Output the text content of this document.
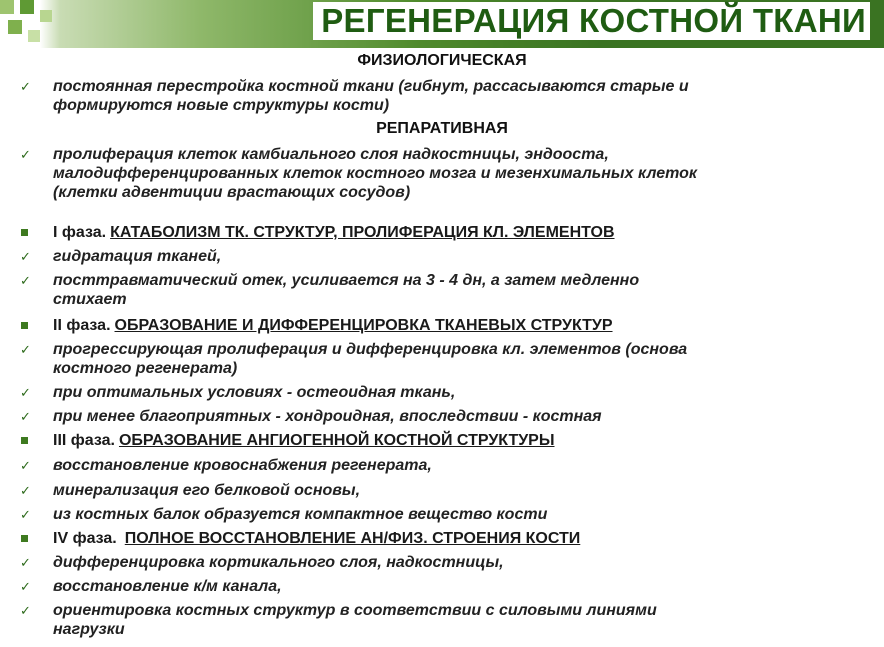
РЕГЕНЕРАЦИЯ КОСТНОЙ ТКАНИ
ФИЗИОЛОГИЧЕСКАЯ
✓	постоянная перестройка костной ткани (гибнут, рассасываются старые и
формируются новые структуры кости)
РЕПАРАТИВНАЯ
✓	пролиферация клеток камбиального слоя надкостницы, эндооста,
малодифференцированных клеток костного мозга и мезенхимальных клеток
(клетки адвентиции врастающих сосудов)
I фаза. КАТАБОЛИЗМ ТК. СТРУКТУР, ПРОЛИФЕРАЦИЯ КЛ. ЭЛЕМЕНТОВ
✓	гидратация тканей,
✓	посттравматический отек, усиливается на 3 - 4 дн, а затем медленно
стихает
II фаза. ОБРАЗОВАНИЕ И ДИФФЕРЕНЦИРОВКА ТКАНЕВЫХ СТРУКТУР
✓	прогрессирующая пролиферация и дифференцировка кл. элементов (основа
костного регенерата)
✓	при оптимальных условиях - остеоидная ткань,
✓	при менее благоприятных - хондроидная, впоследствии - костная
III фаза. ОБРАЗОВАНИЕ АНГИОГЕННОЙ КОСТНОЙ СТРУКТУРЫ
✓	восстановление кровоснабжения регенерата,
✓	минерализация его белковой основы,
✓	из костных балок образуется компактное вещество кости
IV фаза. ПОЛНОЕ ВОССТАНОВЛЕНИЕ АН/ФИЗ. СТРОЕНИЯ КОСТИ
✓	дифференцировка кортикального слоя, надкостницы,
✓	восстановление к/м канала,
✓	ориентировка костных структур в соответствии с силовыми линиями
нагрузки
